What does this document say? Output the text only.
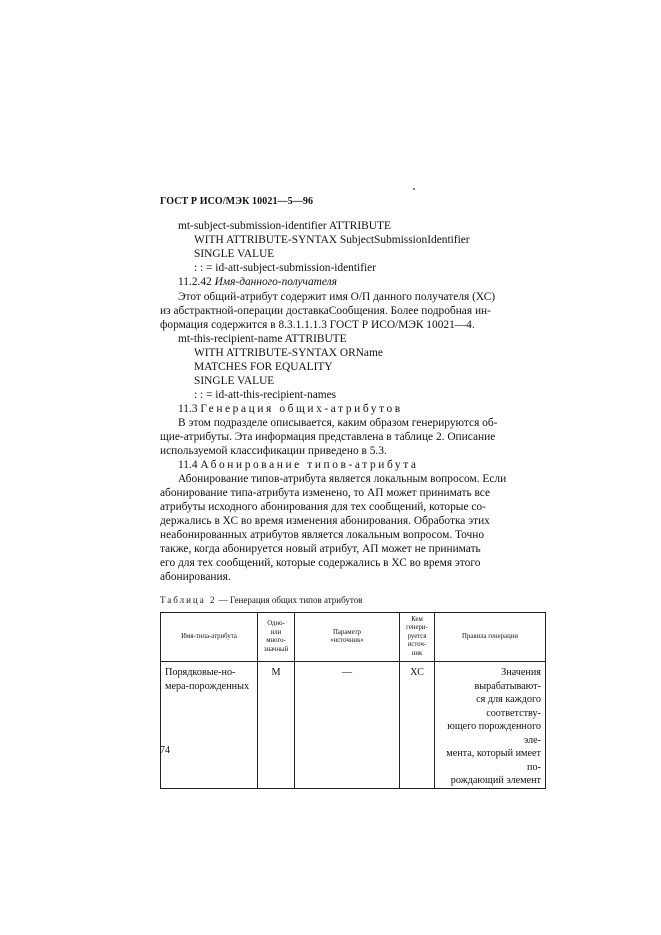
ГОСТ Р ИСО/МЭК 10021—5—96
mt-subject-submission-identifier ATTRIBUTE
WITH ATTRIBUTE-SYNTAX SubjectSubmissionIdentifier
SINGLE VALUE
: : = id-att-subject-submission-identifier
11.2.42 Имя-данного-получателя
Этот общий-атрибут содержит имя О/П данного получателя (ХС)
из абстрактной-операции доставкаСообщения. Более подробная ин-
формация содержится в 8.3.1.1.1.3 ГОСТ Р ИСО/МЭК 10021—4.
mt-this-recipient-name ATTRIBUTE
WITH ATTRIBUTE-SYNTAX ORName
MATCHES FOR EQUALITY
SINGLE VALUE
: : = id-att-this-recipient-names
11.3 Генерация общих-атрибутов
В этом подразделе описывается, каким образом генерируются об-
щие-атрибуты. Эта информация представлена в таблице 2. Описание
используемой классификации приведено в 5.3.
11.4 Абонирование типов-атрибута
Абонирование типов-атрибута является локальным вопросом. Если
абонирование типа-атрибута изменено, то АП может принимать все
атрибуты исходного абонирования для тех сообщений, которые со-
держались в ХС во время изменения абонирования. Обработка этих
неабонированных атрибутов является локальным вопросом. Точно
также, когда абонируется новый атрибут, АП может не принимать
его для тех сообщений, которые содержались в ХС во время этого
абонирования.
Таблица 2 — Генерация общих типов атрибутов
Имя-типа-атрибута	Одно-
или
много-
значный	Параметр
«источник»	Кем
генери-
руется
источ-
ник	Правила генерации
Порядковые-но-
мера-порожденных	М	—	ХС	Значения вырабатывают-
ся для каждого соответству-
ющего порожденного эле-
мента, который имеет по-
рождающий элемент
74
